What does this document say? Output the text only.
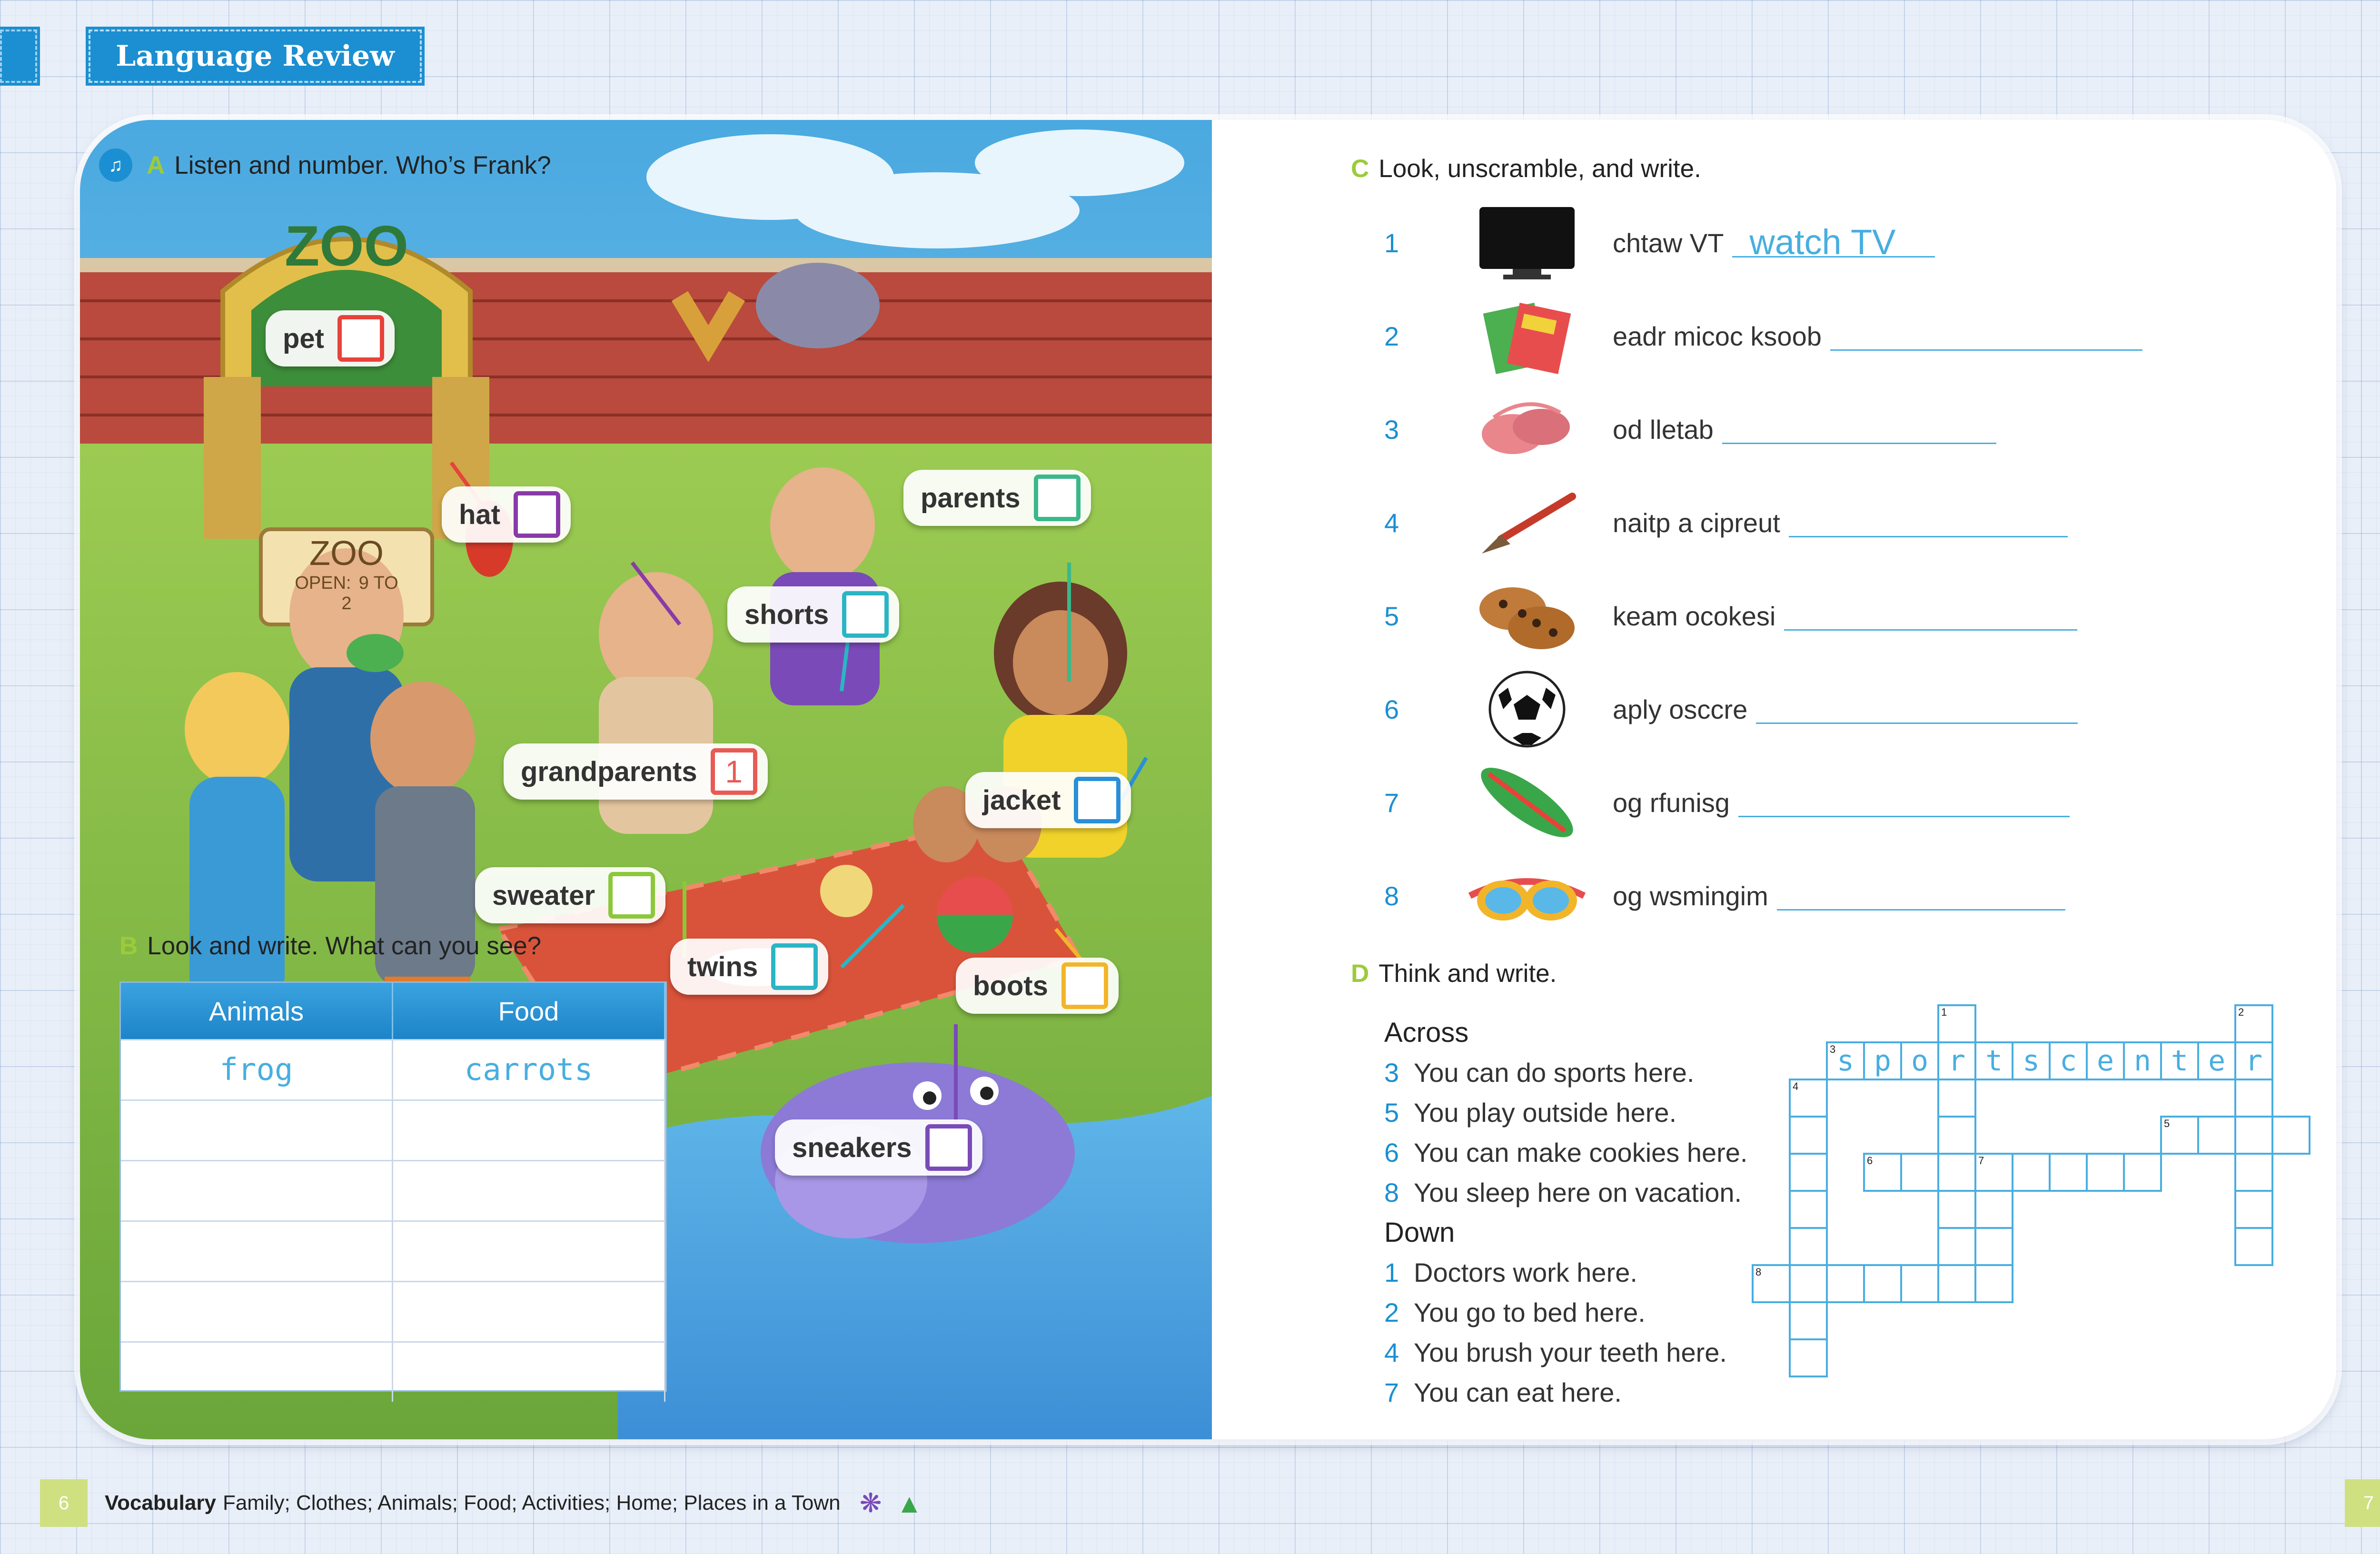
Language Review
ZOO
ZOO
OPEN: 9 TO
2
♫ A Listen and number. Who’s Frank?
pet
hat
parents
shorts
grandparents 1
jacket
sweater
twins
boots
sneakers
B Look and write. What can you see?
Animals	Food
frog	carrots
C Look, unscramble, and write.
1	chtaw VT watch TV
2	eadr micoc ksoob
3	od lletab
4	naitp a cipreut
5	keam ocokesi
6	aply osccre
7	og rfunisg
8	og wsmingim
D Think and write.
Across
3 You can do sports here.
5 You play outside here.
6 You can make cookies here.
8 You sleep here on vacation.
Down
1 Doctors work here.
2 You go to bed here.
4 You brush your teeth here.
7 You can eat here.
3 s p o r t s c e n t e r
1	2
4
5
6	7
8
6	Vocabulary Family; Clothes; Animals; Food; Activities; Home; Places in a Town ❋ ▲	7
